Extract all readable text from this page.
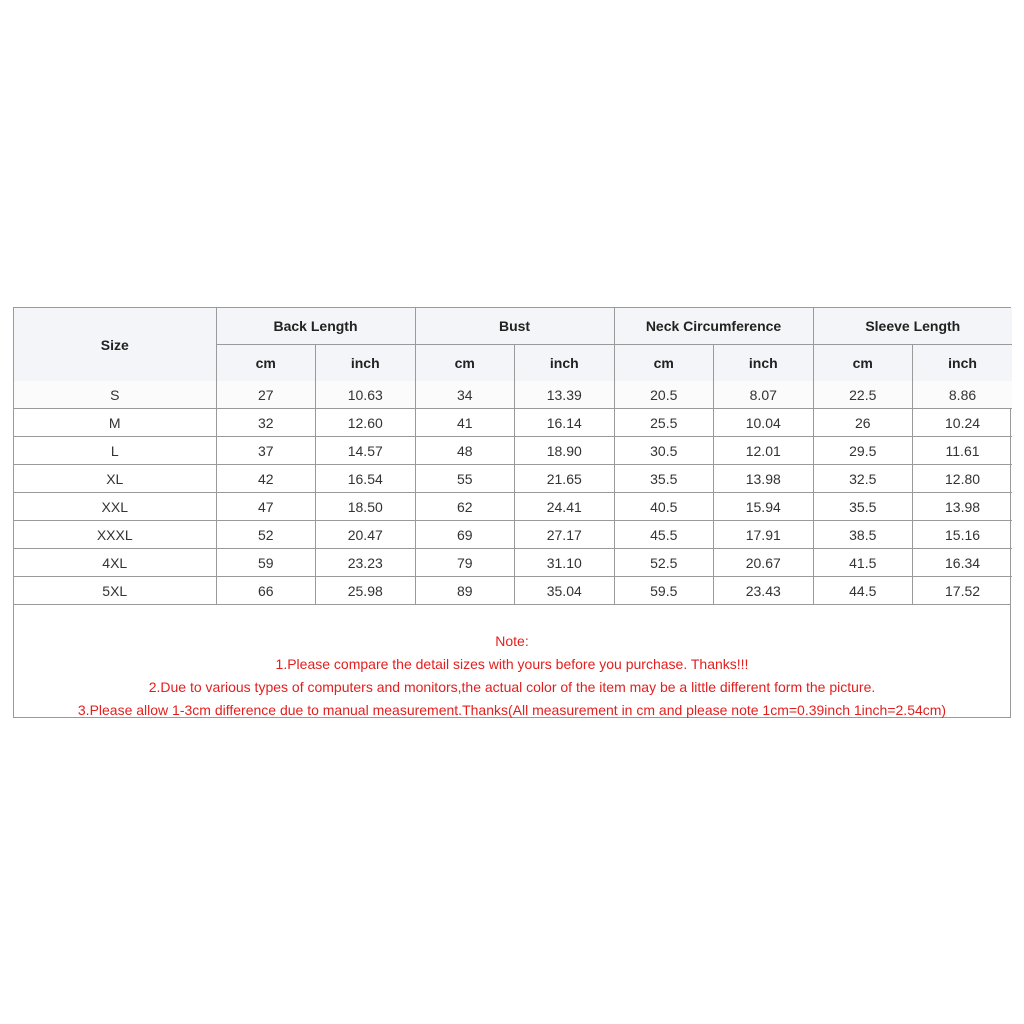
Size	Back Length		Bust		Neck Circumference		Sleeve Length	
	cm	inch	cm	inch	cm	inch	cm	inch
S	27	10.63	34	13.39	20.5	8.07	22.5	8.86
M	32	12.60	41	16.14	25.5	10.04	26	10.24
L	37	14.57	48	18.90	30.5	12.01	29.5	11.61
XL	42	16.54	55	21.65	35.5	13.98	32.5	12.80
XXL	47	18.50	62	24.41	40.5	15.94	35.5	13.98
XXXL	52	20.47	69	27.17	45.5	17.91	38.5	15.16
4XL	59	23.23	79	31.10	52.5	20.67	41.5	16.34
5XL	66	25.98	89	35.04	59.5	23.43	44.5	17.52
Note:
1.Please compare the detail sizes with yours before you purchase. Thanks!!!
2.Due to various types of computers and monitors,the actual color of the item may be a little different form the picture.
3.Please allow 1-3cm difference due to manual measurement.Thanks(All measurement in cm and please note 1cm=0.39inch 1inch=2.54cm)
